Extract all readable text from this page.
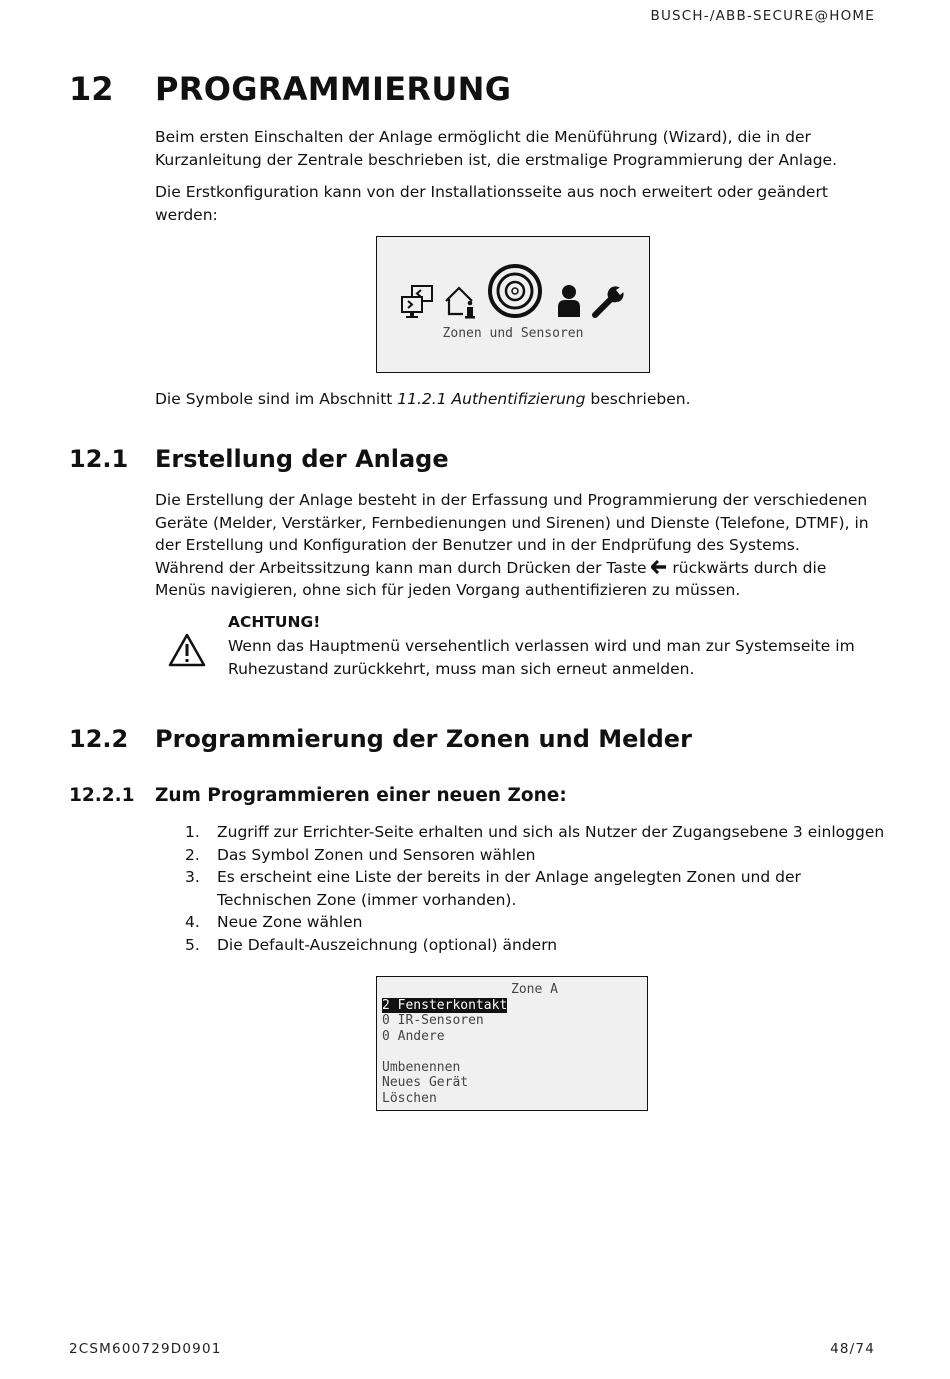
BUSCH-/ABB-SECURE@HOME
12 PROGRAMMIERUNG
Beim ersten Einschalten der Anlage ermöglicht die Menüführung (Wizard), die in der Kurzanleitung der Zentrale beschrieben ist, die erstmalige Programmierung der Anlage.
Die Erstkonfiguration kann von der Installationsseite aus noch erweitert oder geändert werden:
Zonen und Sensoren
Die Symbole sind im Abschnitt 11.2.1 Authentifizierung beschrieben.
12.1 Erstellung der Anlage
Die Erstellung der Anlage besteht in der Erfassung und Programmierung der verschiedenen Geräte (Melder, Verstärker, Fernbedienungen und Sirenen) und Dienste (Telefone, DTMF), in der Erstellung und Konfiguration der Benutzer und in der Endprüfung des Systems.
Während der Arbeitssitzung kann man durch Drücken der Taste  rückwärts durch die Menüs navigieren, ohne sich für jeden Vorgang authentifizieren zu müssen.
ACHTUNG!
Wenn das Hauptmenü versehentlich verlassen wird und man zur Systemseite im Ruhezustand zurückkehrt, muss man sich erneut anmelden.
12.2 Programmierung der Zonen und Melder
12.2.1 Zum Programmieren einer neuen Zone:
1.	Zugriff zur Errichter-Seite erhalten und sich als Nutzer der Zugangsebene 3 einloggen
2.	Das Symbol Zonen und Sensoren wählen
3.	Es erscheint eine Liste der bereits in der Anlage angelegten Zonen und der Technischen Zone (immer vorhanden).
4.	Neue Zone wählen
5.	Die Default-Auszeichnung (optional) ändern
Zone A
2 Fensterkontakt
0 IR-Sensoren
0 Andere

Umbenennen
Neues Gerät
Löschen
2CSM600729D0901	48/74
